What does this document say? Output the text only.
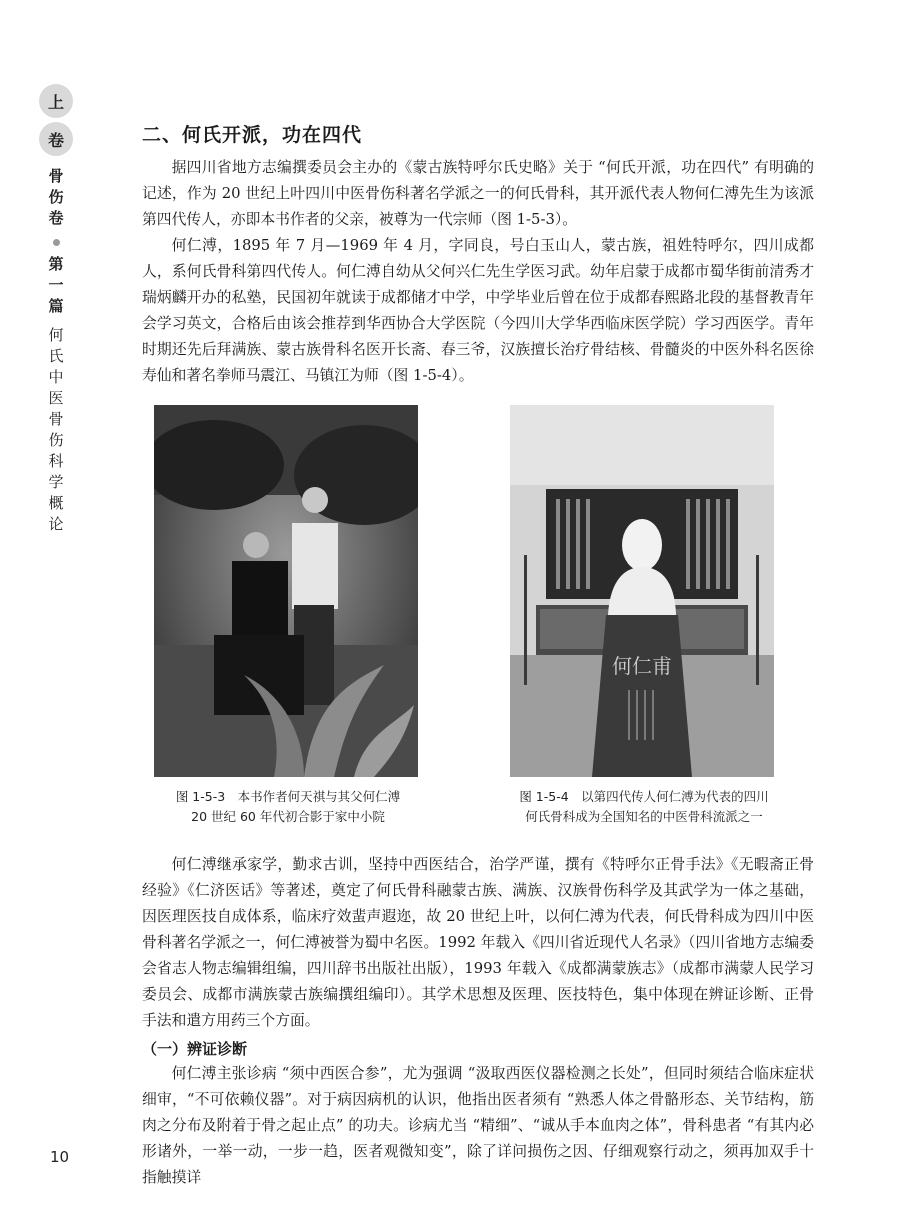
上
卷
骨伤卷
第一篇
何氏中医骨伤科学概论
二、何氏开派，功在四代

据四川省地方志编撰委员会主办的《蒙古族特呼尔氏史略》关于 “何氏开派，功在四代” 有明确的记述，作为 20 世纪上叶四川中医骨伤科著名学派之一的何氏骨科，其开派代表人物何仁溥先生为该派第四代传人，亦即本书作者的父亲，被尊为一代宗师（图 1-5-3）。

何仁溥，1895 年 7 月—1969 年 4 月，字同良，号白玉山人，蒙古族，祖姓特呼尔，四川成都人，系何氏骨科第四代传人。何仁溥自幼从父何兴仁先生学医习武。幼年启蒙于成都市蜀华街前清秀才瑞炳麟开办的私塾，民国初年就读于成都储才中学，中学毕业后曾在位于成都春熙路北段的基督教青年会学习英文，合格后由该会推荐到华西协合大学医院（今四川大学华西临床医学院）学习西医学。青年时期还先后拜满族、蒙古族骨科名医开长斋、春三爷，汉族擅长治疗骨结核、骨髓炎的中医外科名医徐寿仙和著名拳师马震江、马镇江为师（图 1-5-4）。

图 1-5-3　本书作者何天祺与其父何仁溥
20 世纪 60 年代初合影于家中小院
何仁甫
图 1-5-4　以第四代传人何仁溥为代表的四川
何氏骨科成为全国知名的中医骨科流派之一

何仁溥继承家学，勤求古训，坚持中西医结合，治学严谨，撰有《特呼尔正骨手法》《无暇斋正骨经验》《仁济医话》等著述，奠定了何氏骨科融蒙古族、满族、汉族骨伤科学及其武学为一体之基础，因医理医技自成体系，临床疗效蜚声遐迩，故 20 世纪上叶，以何仁溥为代表，何氏骨科成为四川中医骨科著名学派之一，何仁溥被誉为蜀中名医。1992 年载入《四川省近现代人名录》（四川省地方志编委会省志人物志编辑组编，四川辞书出版社出版），1993 年载入《成都满蒙族志》（成都市满蒙人民学习委员会、成都市满族蒙古族编撰组编印）。其学术思想及医理、医技特色，集中体现在辨证诊断、正骨手法和遣方用药三个方面。

（一）辨证诊断

何仁溥主张诊病 “须中西医合参”，尤为强调 “汲取西医仪器检测之长处”，但同时须结合临床症状细审，“不可依赖仪器”。对于病因病机的认识，他指出医者须有 “熟悉人体之骨骼形态、关节结构，筋肉之分布及附着于骨之起止点” 的功夫。诊病尤当 “精细”、“诚从手本血肉之体”，骨科患者 “有其内必形诸外，一举一动，一步一趋，医者观微知变”，除了详问损伤之因、仔细观察行动之，须再加双手十指触摸详

10
